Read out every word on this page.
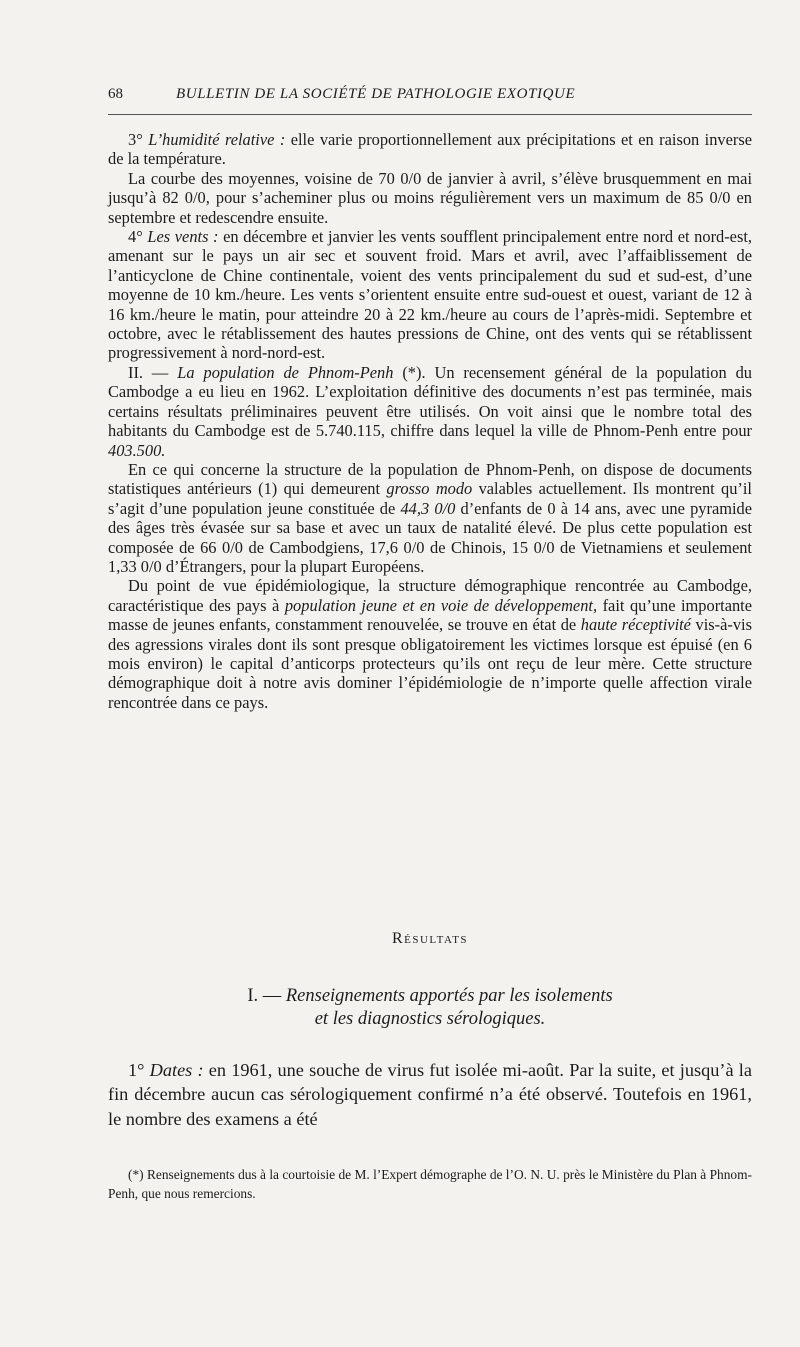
68	BULLETIN DE LA SOCIÉTÉ DE PATHOLOGIE EXOTIQUE

3° L’humidité relative : elle varie proportionnellement aux précipitations et en raison inverse de la température.

La courbe des moyennes, voisine de 70 0/0 de janvier à avril, s’élève brusquemment en mai jusqu’à 82 0/0, pour s’acheminer plus ou moins régulièrement vers un maximum de 85 0/0 en septembre et redescendre ensuite.

4° Les vents : en décembre et janvier les vents soufflent principalement entre nord et nord-est, amenant sur le pays un air sec et souvent froid. Mars et avril, avec l’affaiblissement de l’anticyclone de Chine continentale, voient des vents principalement du sud et sud-est, d’une moyenne de 10 km./heure. Les vents s’orientent ensuite entre sud-ouest et ouest, variant de 12 à 16 km./heure le matin, pour atteindre 20 à 22 km./heure au cours de l’après-midi. Septembre et octobre, avec le rétablissement des hautes pressions de Chine, ont des vents qui se rétablissent progressivement à nord-nord-est.

II. — La population de Phnom-Penh (*). Un recensement général de la population du Cambodge a eu lieu en 1962. L’exploitation définitive des documents n’est pas terminée, mais certains résultats préliminaires peuvent être utilisés. On voit ainsi que le nombre total des habitants du Cambodge est de 5.740.115, chiffre dans lequel la ville de Phnom-Penh entre pour 403.500.

En ce qui concerne la structure de la population de Phnom-Penh, on dispose de documents statistiques antérieurs (1) qui demeurent grosso modo valables actuellement. Ils montrent qu’il s’agit d’une population jeune constituée de 44,3 0/0 d’enfants de 0 à 14 ans, avec une pyramide des âges très évasée sur sa base et avec un taux de natalité élevé. De plus cette population est composée de 66 0/0 de Cambodgiens, 17,6 0/0 de Chinois, 15 0/0 de Vietnamiens et seulement 1,33 0/0 d’Étrangers, pour la plupart Européens.

Du point de vue épidémiologique, la structure démographique rencontrée au Cambodge, caractéristique des pays à population jeune et en voie de développement, fait qu’une importante masse de jeunes enfants, constamment renouvelée, se trouve en état de haute réceptivité vis-à-vis des agressions virales dont ils sont presque obligatoirement les victimes lorsque est épuisé (en 6 mois environ) le capital d’anticorps protecteurs qu’ils ont reçu de leur mère. Cette structure démographique doit à notre avis dominer l’épidémiologie de n’importe quelle affection virale rencontrée dans ce pays.

Résultats
I. — Renseignements apportés par les isolements
et les diagnostics sérologiques.

1° Dates : en 1961, une souche de virus fut isolée mi-août. Par la suite, et jusqu’à la fin décembre aucun cas sérologiquement confirmé n’a été observé. Toutefois en 1961, le nombre des examens a été

(*) Renseignements dus à la courtoisie de M. l’Expert démographe de l’O. N. U. près le Ministère du Plan à Phnom-Penh, que nous remercions.
